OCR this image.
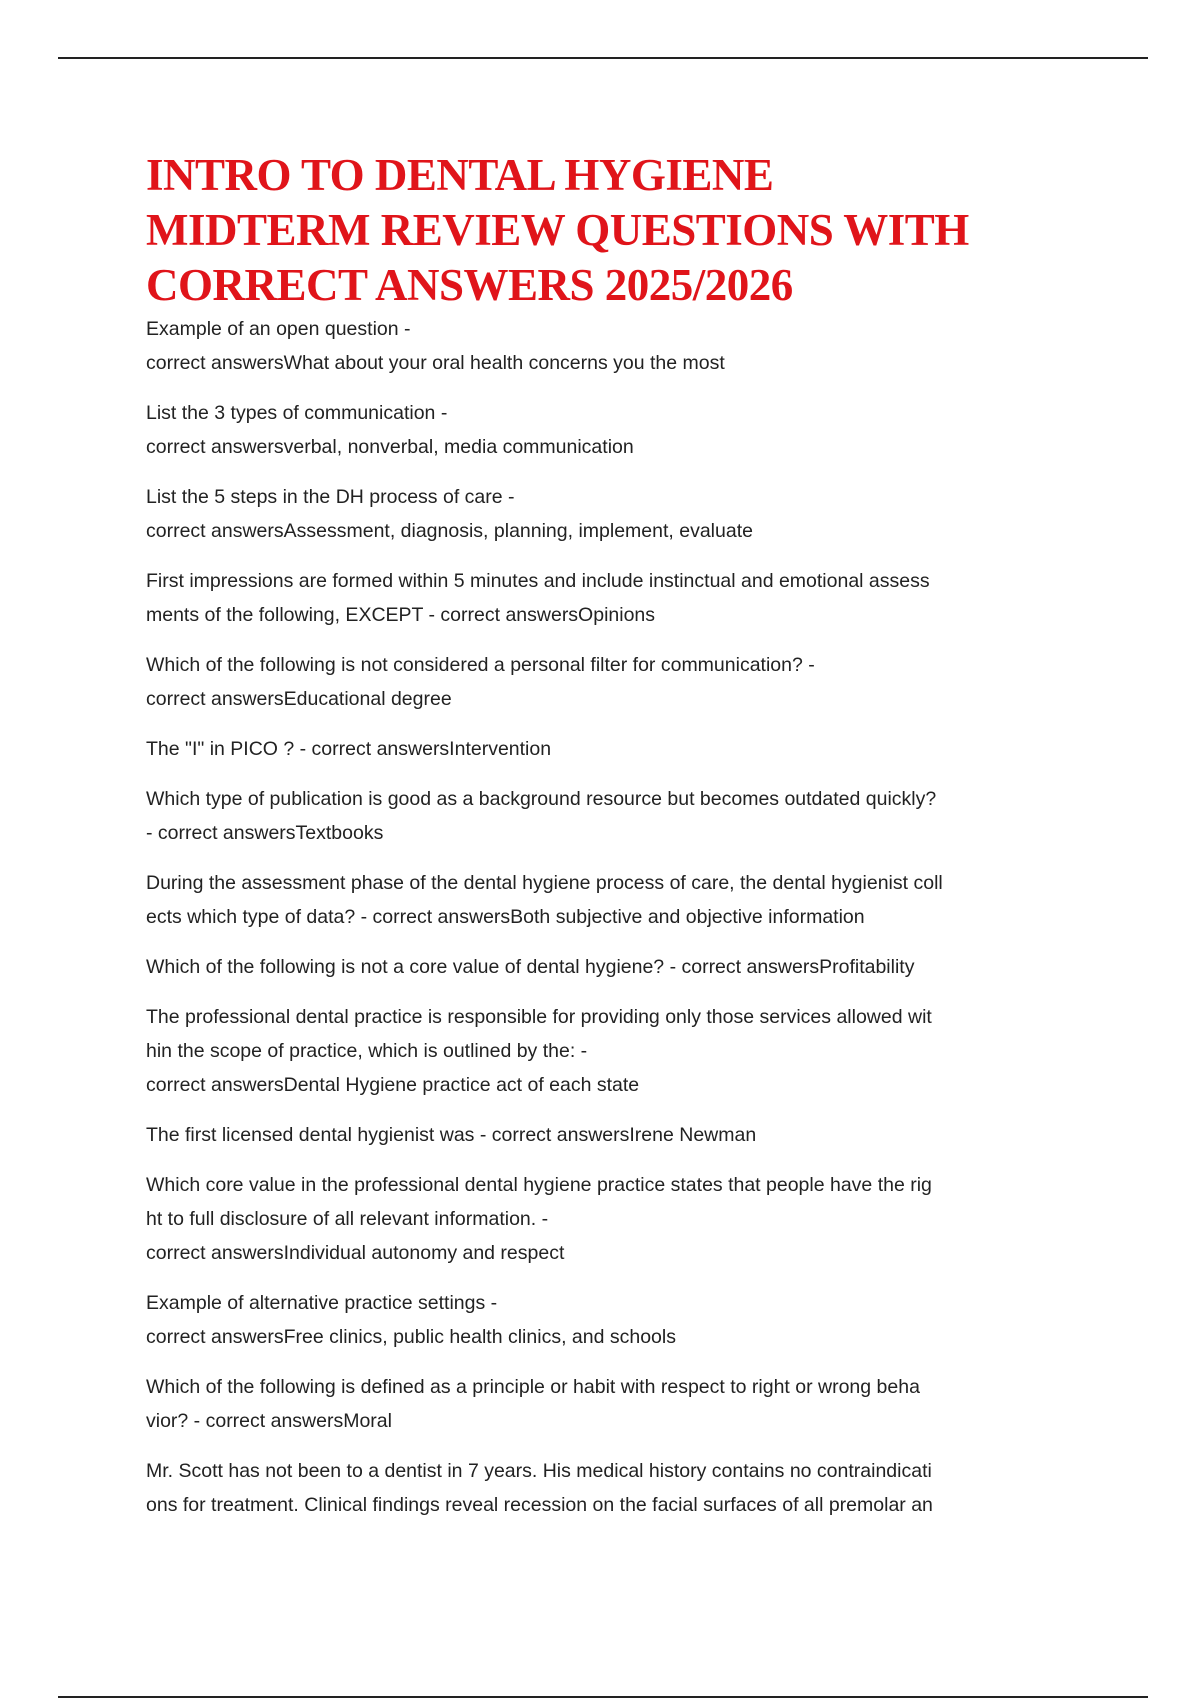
INTRO TO DENTAL HYGIENE
MIDTERM REVIEW QUESTIONS WITH
CORRECT ANSWERS 2025/2026
Example of an open question -
correct answersWhat about your oral health concerns you the most
List the 3 types of communication -
correct answersverbal, nonverbal, media communication
List the 5 steps in the DH process of care -
correct answersAssessment, diagnosis, planning, implement, evaluate
First impressions are formed within 5 minutes and include instinctual and emotional assess
ments of the following, EXCEPT - correct answersOpinions
Which of the following is not considered a personal filter for communication? -
correct answersEducational degree
The "I" in PICO ? - correct answersIntervention
Which type of publication is good as a background resource but becomes outdated quickly?
- correct answersTextbooks
During the assessment phase of the dental hygiene process of care, the dental hygienist coll
ects which type of data? - correct answersBoth subjective and objective information
Which of the following is not a core value of dental hygiene? - correct answersProfitability
The professional dental practice is responsible for providing only those services allowed wit
hin the scope of practice, which is outlined by the: -
correct answersDental Hygiene practice act of each state
The first licensed dental hygienist was - correct answersIrene Newman
Which core value in the professional dental hygiene practice states that people have the rig
ht to full disclosure of all relevant information. -
correct answersIndividual autonomy and respect
Example of alternative practice settings -
correct answersFree clinics, public health clinics, and schools
Which of the following is defined as a principle or habit with respect to right or wrong beha
vior? - correct answersMoral
Mr. Scott has not been to a dentist in 7 years. His medical history contains no contraindicati
ons for treatment. Clinical findings reveal recession on the facial surfaces of all premolar an
